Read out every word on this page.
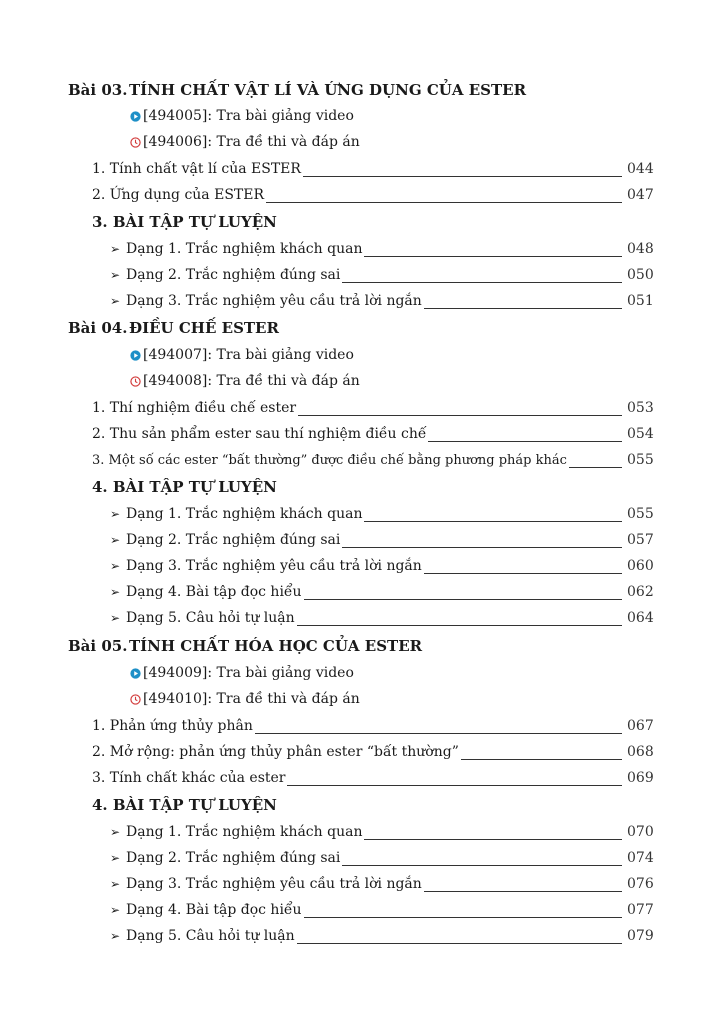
Bài 03. TÍNH CHẤT VẬT LÍ VÀ ỨNG DỤNG CỦA ESTER
[494005]: Tra bài giảng video
[494006]: Tra đề thi và đáp án
1. Tính chất vật lí của ESTER	044
2. Ứng dụng của ESTER	047
3. BÀI TẬP TỰ LUYỆN
➢ Dạng 1. Trắc nghiệm khách quan	048
➢ Dạng 2. Trắc nghiệm đúng sai	050
➢ Dạng 3. Trắc nghiệm yêu cầu trả lời ngắn	051
Bài 04. ĐIỀU CHẾ ESTER
[494007]: Tra bài giảng video
[494008]: Tra đề thi và đáp án
1. Thí nghiệm điều chế ester	053
2. Thu sản phẩm ester sau thí nghiệm điều chế	054
3. Một số các ester “bất thường” được điều chế bằng phương pháp khác	055
4. BÀI TẬP TỰ LUYỆN
➢ Dạng 1. Trắc nghiệm khách quan	055
➢ Dạng 2. Trắc nghiệm đúng sai	057
➢ Dạng 3. Trắc nghiệm yêu cầu trả lời ngắn	060
➢ Dạng 4. Bài tập đọc hiểu	062
➢ Dạng 5. Câu hỏi tự luận	064
Bài 05. TÍNH CHẤT HÓA HỌC CỦA ESTER
[494009]: Tra bài giảng video
[494010]: Tra đề thi và đáp án
1. Phản ứng thủy phân	067
2. Mở rộng: phản ứng thủy phân ester “bất thường”	068
3. Tính chất khác của ester	069
4. BÀI TẬP TỰ LUYỆN
➢ Dạng 1. Trắc nghiệm khách quan	070
➢ Dạng 2. Trắc nghiệm đúng sai	074
➢ Dạng 3. Trắc nghiệm yêu cầu trả lời ngắn	076
➢ Dạng 4. Bài tập đọc hiểu	077
➢ Dạng 5. Câu hỏi tự luận	079
